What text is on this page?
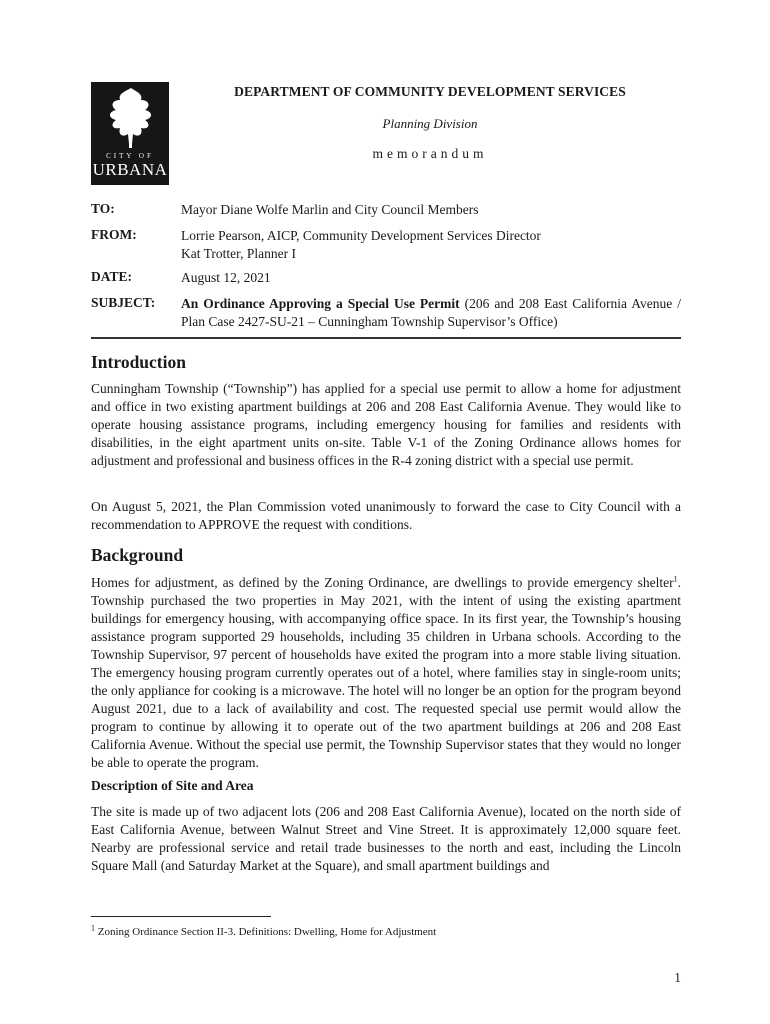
CITY OF
URBANA
DEPARTMENT OF COMMUNITY DEVELOPMENT SERVICES
Planning Division
memorandum
TO:	Mayor Diane Wolfe Marlin and City Council Members
FROM:	Lorrie Pearson, AICP, Community Development Services Director
Kat Trotter, Planner I
DATE:	August 12, 2021
SUBJECT: An Ordinance Approving a Special Use Permit (206 and 208 East California Avenue / Plan Case 2427-SU-21 – Cunningham Township Supervisor’s Office)
Introduction

Cunningham Township (“Township”) has applied for a special use permit to allow a home for adjustment and office in two existing apartment buildings at 206 and 208 East California Avenue. They would like to operate housing assistance programs, including emergency housing for families and residents with disabilities, in the eight apartment units on-site. Table V-1 of the Zoning Ordinance allows homes for adjustment and professional and business offices in the R-4 zoning district with a special use permit.

On August 5, 2021, the Plan Commission voted unanimously to forward the case to City Council with a recommendation to APPROVE the request with conditions.

Background

Homes for adjustment, as defined by the Zoning Ordinance, are dwellings to provide emergency shelter$^1$. Township purchased the two properties in May 2021, with the intent of using the existing apartment buildings for emergency housing, with accompanying office space. In its first year, the Township’s housing assistance program supported 29 households, including 35 children in Urbana schools. According to the Township Supervisor, 97 percent of households have exited the program into a more stable living situation. The emergency housing program currently operates out of a hotel, where families stay in single-room units; the only appliance for cooking is a microwave. The hotel will no longer be an option for the program beyond August 2021, due to a lack of availability and cost. The requested special use permit would allow the program to continue by allowing it to operate out of the two apartment buildings at 206 and 208 East California Avenue. Without the special use permit, the Township Supervisor states that they would no longer be able to operate the program.

Description of Site and Area

The site is made up of two adjacent lots (206 and 208 East California Avenue), located on the north side of East California Avenue, between Walnut Street and Vine Street. It is approximately 12,000 square feet. Nearby are professional service and retail trade businesses to the north and east, including the Lincoln Square Mall (and Saturday Market at the Square), and small apartment buildings and

$^1$ Zoning Ordinance Section II-3. Definitions: Dwelling, Home for Adjustment
1
